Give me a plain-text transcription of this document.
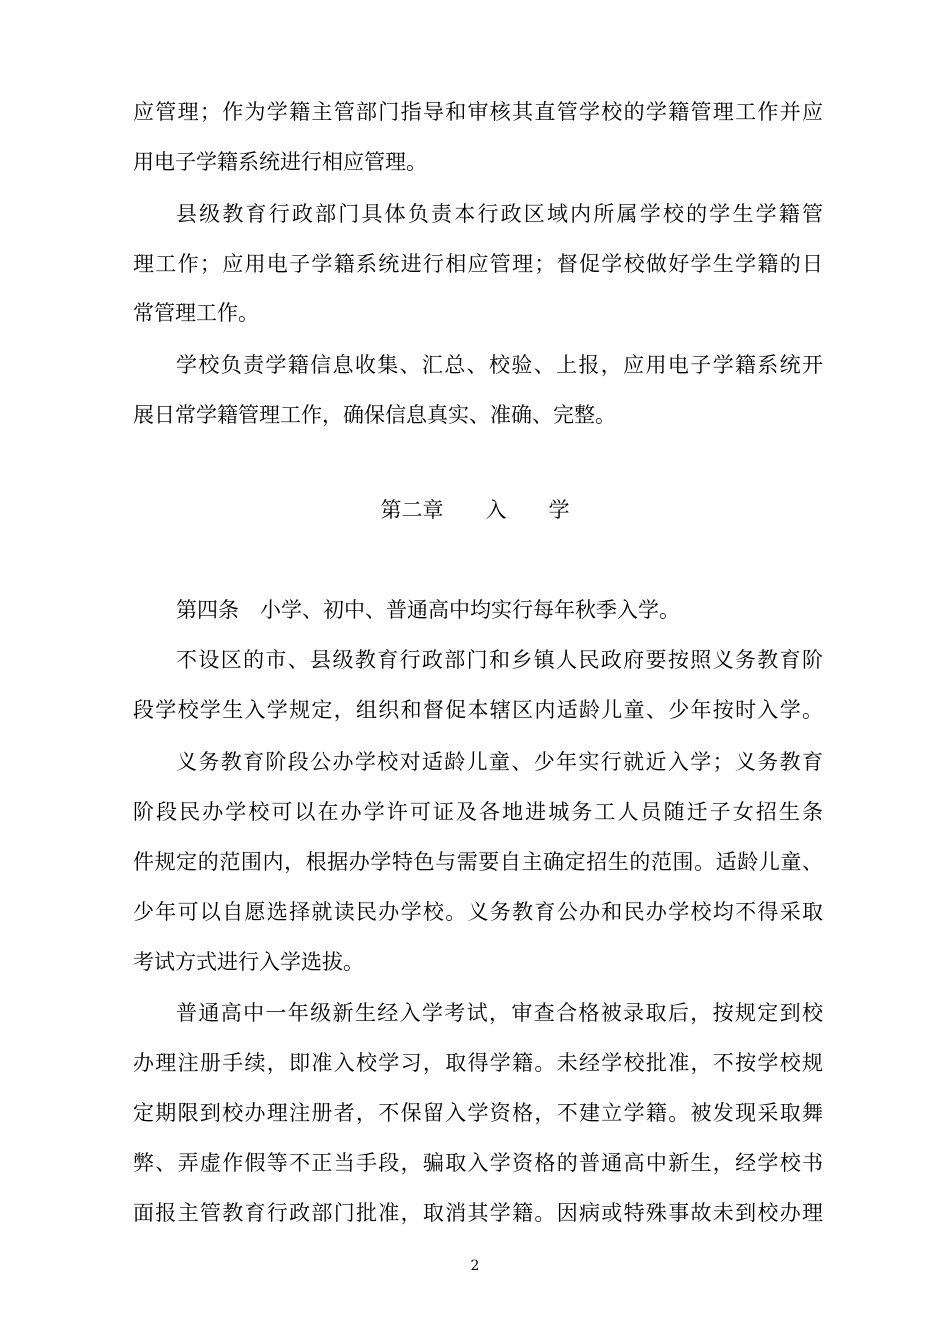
应管理；作为学籍主管部门指导和审核其直管学校的学籍管理工作并应
用电子学籍系统进行相应管理。
县级教育行政部门具体负责本行政区域内所属学校的学生学籍管
理工作；应用电子学籍系统进行相应管理；督促学校做好学生学籍的日
常管理工作。
学校负责学籍信息收集、汇总、校验、上报，应用电子学籍系统开
展日常学籍管理工作，确保信息真实、准确、完整。
第二章　　入　　学
第四条　小学、初中、普通高中均实行每年秋季入学。
不设区的市、县级教育行政部门和乡镇人民政府要按照义务教育阶
段学校学生入学规定，组织和督促本辖区内适龄儿童、少年按时入学。
义务教育阶段公办学校对适龄儿童、少年实行就近入学；义务教育
阶段民办学校可以在办学许可证及各地进城务工人员随迁子女招生条
件规定的范围内，根据办学特色与需要自主确定招生的范围。适龄儿童、
少年可以自愿选择就读民办学校。义务教育公办和民办学校均不得采取
考试方式进行入学选拔。
普通高中一年级新生经入学考试，审查合格被录取后，按规定到校
办理注册手续，即准入校学习，取得学籍。未经学校批准，不按学校规
定期限到校办理注册者，不保留入学资格，不建立学籍。被发现采取舞
弊、弄虚作假等不正当手段，骗取入学资格的普通高中新生，经学校书
面报主管教育行政部门批准，取消其学籍。因病或特殊事故未到校办理
2
